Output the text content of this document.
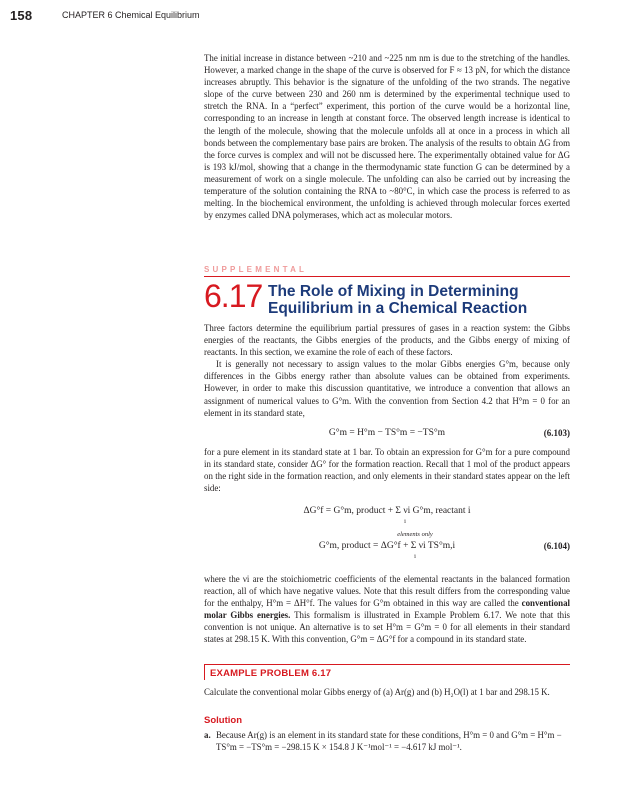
158	CHAPTER 6 Chemical Equilibrium

The initial increase in distance between ~210 and ~225 nm nm is due to the stretching of the handles. However, a marked change in the shape of the curve is observed for F ≈ 13 pN, for which the distance increases abruptly. This behavior is the signature of the unfolding of the two strands. The negative slope of the curve between 230 and 260 nm is determined by the experimental technique used to stretch the RNA. In a “perfect” experiment, this portion of the curve would be a horizontal line, corresponding to an increase in length at constant force. The observed length increase is identical to the length of the molecule, showing that the molecule unfolds all at once in a process in which all bonds between the complementary base pairs are broken. The analysis of the results to obtain ΔG from the force curves is complex and will not be discussed here. The experimentally obtained value for ΔG is 193 kJ/mol, showing that a change in the thermodynamic state function G can be determined by a measurement of work on a single molecule. The unfolding can also be carried out by increasing the temperature of the solution containing the RNA to ~80°C, in which case the process is referred to as melting. In the biochemical environment, the unfolding is achieved through molecular forces exerted by enzymes called DNA polymerases, which act as molecular motors.

SUPPLEMENTAL
6.17 The Role of Mixing in Determining Equilibrium in a Chemical Reaction

Three factors determine the equilibrium partial pressures of gases in a reaction system: the Gibbs energies of the reactants, the Gibbs energies of the products, and the Gibbs energy of mixing of reactants. In this section, we examine the role of each of these factors.

It is generally not necessary to assign values to the molar Gibbs energies G°m, because only differences in the Gibbs energy rather than absolute values can be obtained from experiments. However, in order to make this discussion quantitative, we introduce a convention that allows an assignment of numerical values to G°m. With the convention from Section 4.2 that H°m = 0 for an element in its standard state,

G°m = H°m − TS°m = −TS°m	(6.103)

for a pure element in its standard state at 1 bar. To obtain an expression for G°m for a pure compound in its standard state, consider ΔG° for the formation reaction. Recall that 1 mol of the product appears on the right side in the formation reaction, and only elements in their standard states appear on the left side:

ΔG°f = G°m, product + Σ νi G°m, reactant i
i
elements only
G°m, product = ΔG°f + Σ νi TS°m,i	(6.104)
i

where the νi are the stoichiometric coefficients of the elemental reactants in the balanced formation reaction, all of which have negative values. Note that this result differs from the corresponding value for the enthalpy, H°m = ΔH°f. The values for G°m obtained in this way are called the conventional molar Gibbs energies. This formalism is illustrated in Example Problem 6.17. We note that this convention is not unique. An alternative is to set H°m = G°m = 0 for all elements in their standard states at 298.15 K. With this convention, G°m = ΔG°f for a compound in its standard state.

EXAMPLE PROBLEM 6.17

Calculate the conventional molar Gibbs energy of (a) Ar(g) and (b) H₂O(l) at 1 bar and 298.15 K.

Solution
a. Because Ar(g) is an element in its standard state for these conditions, H°m = 0 and G°m = H°m − TS°m = −TS°m = −298.15 K × 154.8 J K⁻¹mol⁻¹ = −4.617 kJ mol⁻¹.
